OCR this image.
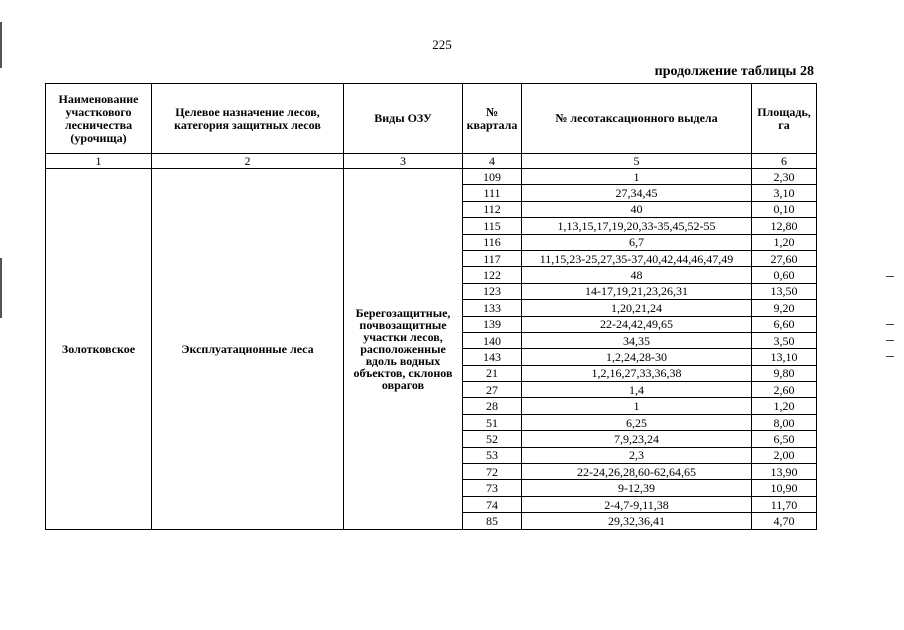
225
продолжение таблицы 28
Наименование участкового лесничества (урочища)	Целевое назначение лесов, категория защитных лесов	Виды ОЗУ	№ квартала	№ лесотаксационного выдела	Площадь, га
1	2	3	4	5	6
Золотковское	Эксплуатационные леса	Берегозащитные, почвозащитные участки лесов, расположенные вдоль водных объектов, склонов оврагов	109	1	2,30
			111	27,34,45	3,10
			112	40	0,10
			115	1,13,15,17,19,20,33-35,45,52-55	12,80
			116	6,7	1,20
			117	11,15,23-25,27,35-37,40,42,44,46,47,49	27,60
			122	48	0,60
			123	14-17,19,21,23,26,31	13,50
			133	1,20,21,24	9,20
			139	22-24,42,49,65	6,60
			140	34,35	3,50
			143	1,2,24,28-30	13,10
			21	1,2,16,27,33,36,38	9,80
			27	1,4	2,60
			28	1	1,20
			51	6,25	8,00
			52	7,9,23,24	6,50
			53	2,3	2,00
			72	22-24,26,28,60-62,64,65	13,90
			73	9-12,39	10,90
			74	2-4,7-9,11,38	11,70
			85	29,32,36,41	4,70
